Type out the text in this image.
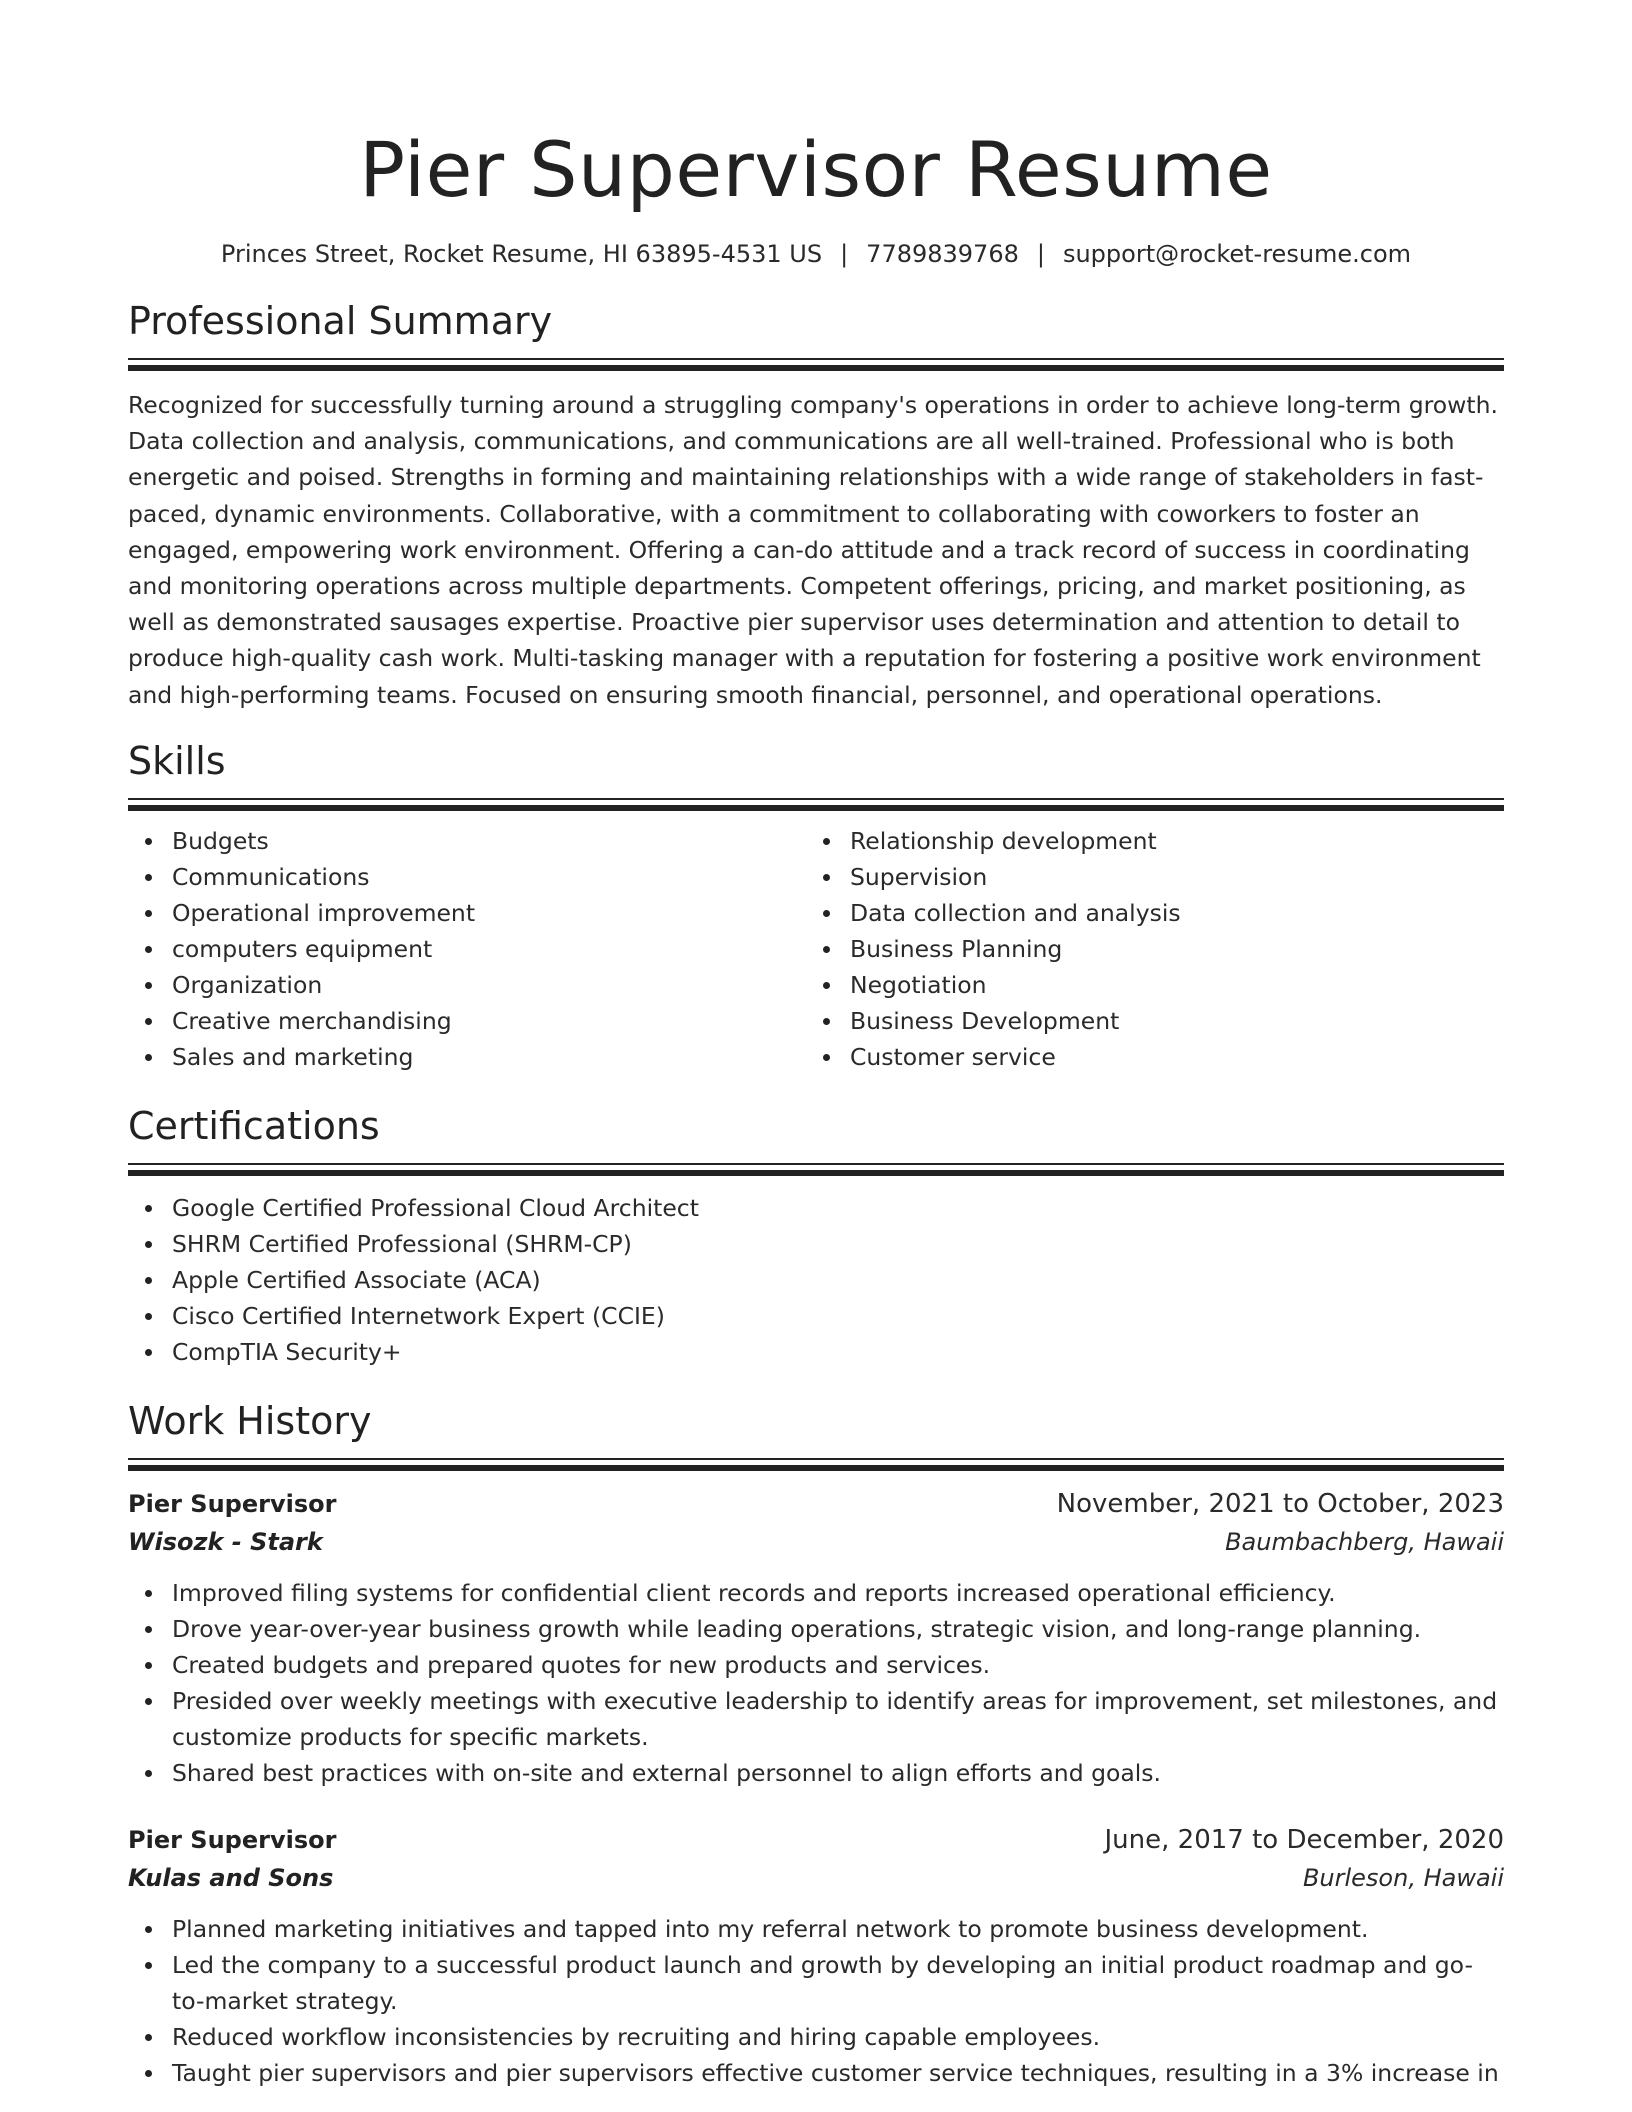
Pier Supervisor Resume
Princes Street, Rocket Resume, HI 63895-4531 US | 7789839768 | support@rocket-resume.com
Professional Summary

Recognized for successfully turning around a struggling company's operations in order to achieve long-term growth. Data collection and analysis, communications, and communications are all well-trained. Professional who is both energetic and poised. Strengths in forming and maintaining relationships with a wide range of stakeholders in fast-paced, dynamic environments. Collaborative, with a commitment to collaborating with coworkers to foster an engaged, empowering work environment. Offering a can-do attitude and a track record of success in coordinating and monitoring operations across multiple departments. Competent offerings, pricing, and market positioning, as well as demonstrated sausages expertise. Proactive pier supervisor uses determination and attention to detail to produce high-quality cash work. Multi-tasking manager with a reputation for fostering a positive work environment and high-performing teams. Focused on ensuring smooth financial, personnel, and operational operations.

Skills
Budgets
Communications
Operational improvement
computers equipment
Organization
Creative merchandising
Sales and marketing
Relationship development
Supervision
Data collection and analysis
Business Planning
Negotiation
Business Development
Customer service
Certifications
Google Certified Professional Cloud Architect
SHRM Certified Professional (SHRM-CP)
Apple Certified Associate (ACA)
Cisco Certified Internetwork Expert (CCIE)
CompTIA Security+
Work History
Pier Supervisor	November, 2021 to October, 2023
Wisozk - Stark	Baumbachberg, Hawaii
Improved filing systems for confidential client records and reports increased operational efficiency.
Drove year-over-year business growth while leading operations, strategic vision, and long-range planning.
Created budgets and prepared quotes for new products and services.
Presided over weekly meetings with executive leadership to identify areas for improvement, set milestones, and customize products for specific markets.
Shared best practices with on-site and external personnel to align efforts and goals.
Pier Supervisor	June, 2017 to December, 2020
Kulas and Sons	Burleson, Hawaii
Planned marketing initiatives and tapped into my referral network to promote business development.
Led the company to a successful product launch and growth by developing an initial product roadmap and go-to-market strategy.
Reduced workflow inconsistencies by recruiting and hiring capable employees.
Taught pier supervisors and pier supervisors effective customer service techniques, resulting in a 3% increase in
